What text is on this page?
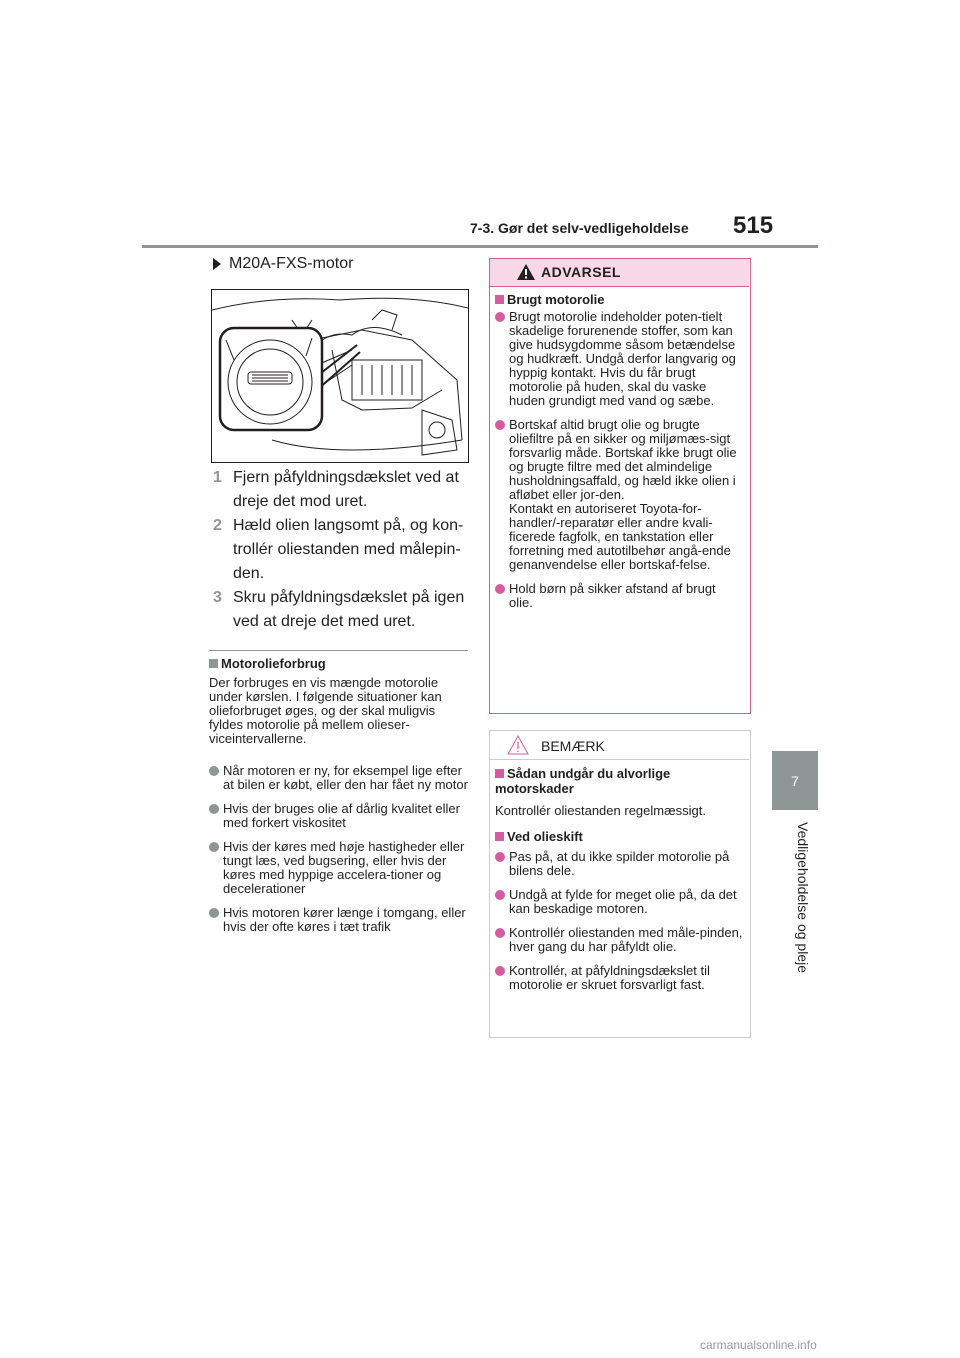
7-3. Gør det selv-vedligeholdelse 515
7
Vedligeholdelse og pleje
M20A-FXS-motor
1 Fjern påfyldningsdækslet ved at dreje det mod uret.
2 Hæld olien langsomt på, og kon-trollér oliestanden med målepin-den.
3 Skru påfyldningsdækslet på igen ved at dreje det med uret.
Motorolieforbrug
Der forbruges en vis mængde motorolie under kørslen. I følgende situationer kan olieforbruget øges, og der skal muligvis fyldes motorolie på mellem olieser-viceintervallerne.
Når motoren er ny, for eksempel lige efter at bilen er købt, eller den har fået ny motor
Hvis der bruges olie af dårlig kvalitet eller med forkert viskositet
Hvis der køres med høje hastigheder eller tungt læs, ved bugsering, eller hvis der køres med hyppige accelera-tioner og decelerationer
Hvis motoren kører længe i tomgang, eller hvis der ofte køres i tæt trafik
ADVARSEL
Brugt motorolie
Brugt motorolie indeholder poten-tielt skadelige forurenende stoffer, som kan give hudsygdomme såsom betændelse og hudkræft. Undgå derfor langvarig og hyppig kontakt. Hvis du får brugt motorolie på huden, skal du vaske huden grundigt med vand og sæbe.
Bortskaf altid brugt olie og brugte oliefiltre på en sikker og miljømæs-sigt forsvarlig måde. Bortskaf ikke brugt olie og brugte filtre med det almindelige husholdningsaffald, og hæld ikke olien i afløbet eller jor-den.
Kontakt en autoriseret Toyota-for-handler/-reparatør eller andre kvali-ficerede fagfolk, en tankstation eller forretning med autotilbehør angå-ende genanvendelse eller bortskaf-felse.
Hold børn på sikker afstand af brugt olie.
BEMÆRK
Sådan undgår du alvorlige motorskader
Kontrollér oliestanden regelmæssigt.
Ved olieskift
Pas på, at du ikke spilder motorolie på bilens dele.
Undgå at fylde for meget olie på, da det kan beskadige motoren.
Kontrollér oliestanden med måle-pinden, hver gang du har påfyldt olie.
Kontrollér, at påfyldningsdækslet til motorolie er skruet forsvarligt fast.
carmanualsonline.info
